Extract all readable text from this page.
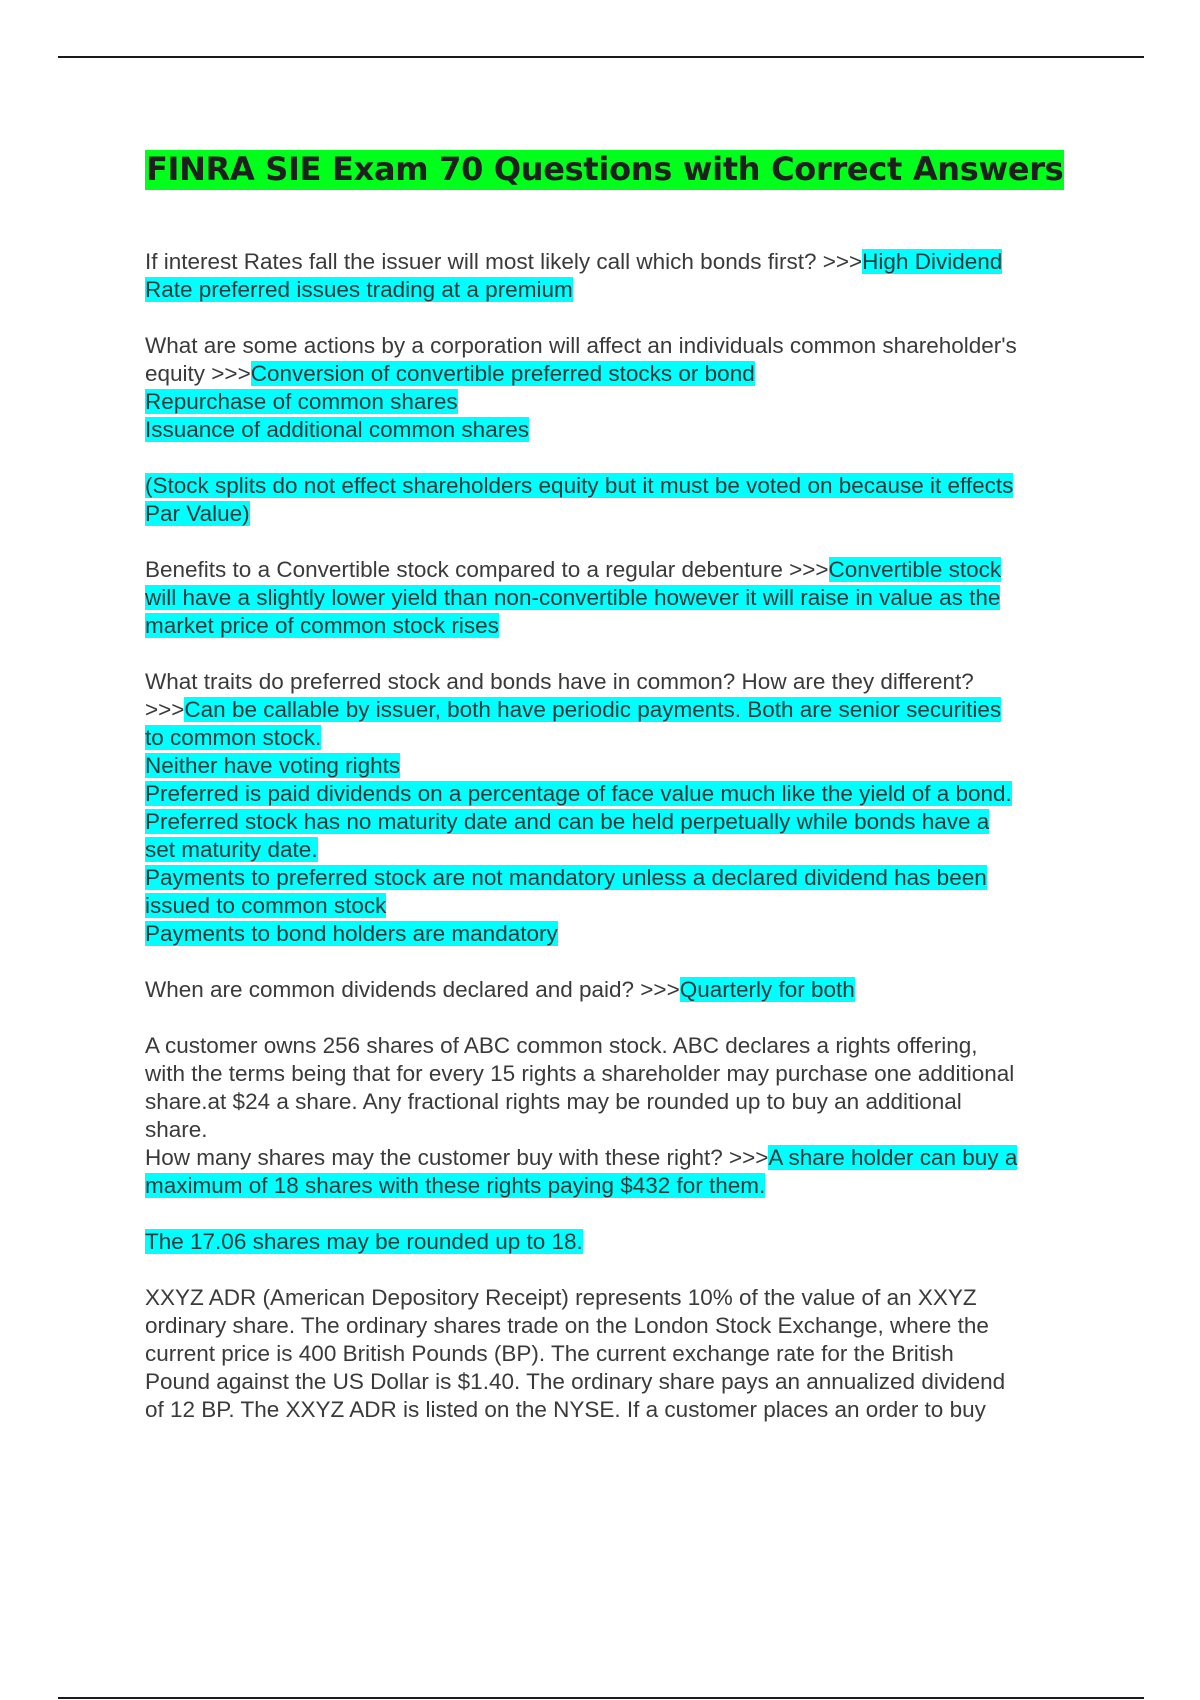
FINRA SIE Exam 70 Questions with Correct Answers
If interest Rates fall the issuer will most likely call which bonds first? >>>High Dividend
Rate preferred issues trading at a premium
What are some actions by a corporation will affect an individuals common shareholder's
equity >>>Conversion of convertible preferred stocks or bond
Repurchase of common shares
Issuance of additional common shares
(Stock splits do not effect shareholders equity but it must be voted on because it effects
Par Value)
Benefits to a Convertible stock compared to a regular debenture >>>Convertible stock
will have a slightly lower yield than non-convertible however it will raise in value as the
market price of common stock rises
What traits do preferred stock and bonds have in common? How are they different?
>>>Can be callable by issuer, both have periodic payments. Both are senior securities
to common stock.
Neither have voting rights
Preferred is paid dividends on a percentage of face value much like the yield of a bond.
Preferred stock has no maturity date and can be held perpetually while bonds have a
set maturity date.
Payments to preferred stock are not mandatory unless a declared dividend has been
issued to common stock
Payments to bond holders are mandatory
When are common dividends declared and paid? >>>Quarterly for both
A customer owns 256 shares of ABC common stock. ABC declares a rights offering,
with the terms being that for every 15 rights a shareholder may purchase one additional
share.at $24 a share. Any fractional rights may be rounded up to buy an additional
share.
How many shares may the customer buy with these right? >>>A share holder can buy a
maximum of 18 shares with these rights paying $432 for them.
The 17.06 shares may be rounded up to 18.
XXYZ ADR (American Depository Receipt) represents 10% of the value of an XXYZ
ordinary share. The ordinary shares trade on the London Stock Exchange, where the
current price is 400 British Pounds (BP). The current exchange rate for the British
Pound against the US Dollar is $1.40. The ordinary share pays an annualized dividend
of 12 BP. The XXYZ ADR is listed on the NYSE. If a customer places an order to buy
